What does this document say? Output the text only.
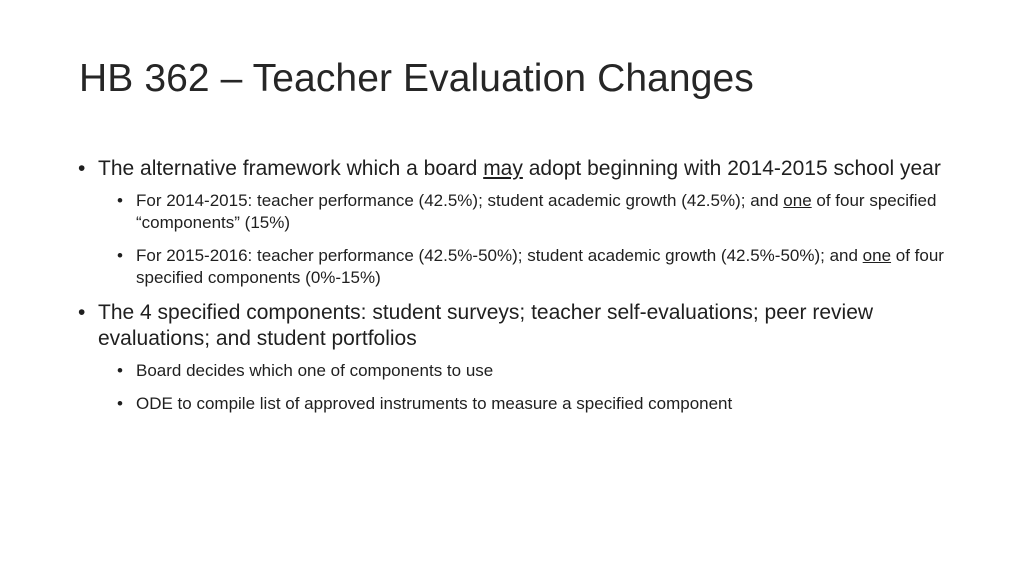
HB 362 – Teacher Evaluation Changes
• The alternative framework which a board may adopt beginning with 2014-2015 school year
• For 2014-2015: teacher performance (42.5%); student academic growth (42.5%); and one of four specified “components” (15%)
• For 2015-2016: teacher performance (42.5%-50%); student academic growth (42.5%-50%); and one of four specified components (0%-15%)
• The 4 specified components: student surveys; teacher self-evaluations; peer review evaluations; and student portfolios
• Board decides which one of components to use
• ODE to compile list of approved instruments to measure a specified component
